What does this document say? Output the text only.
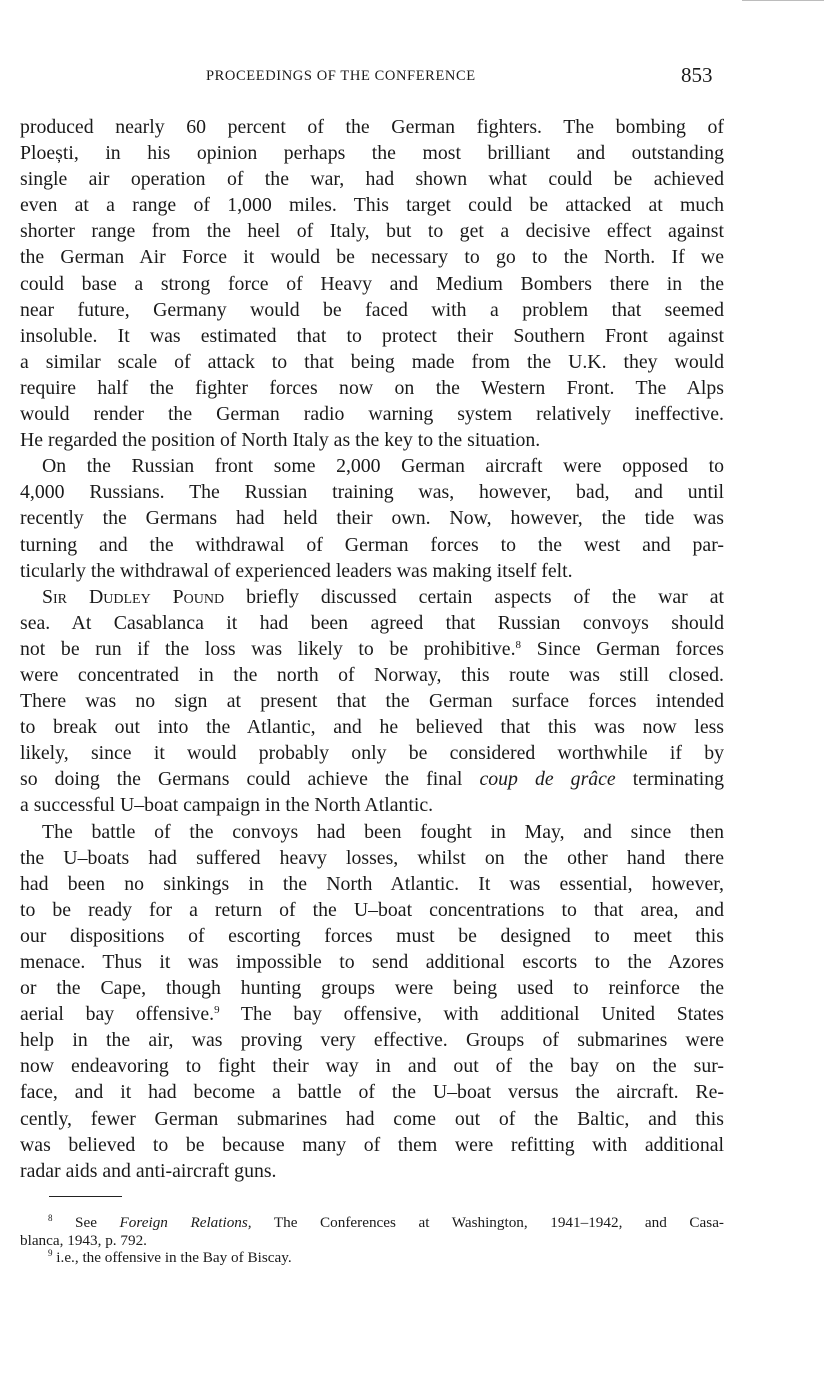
PROCEEDINGS OF THE CONFERENCE	853
produced nearly 60 percent of the German fighters. The bombing of
Ploești, in his opinion perhaps the most brilliant and outstanding
single air operation of the war, had shown what could be achieved
even at a range of 1,000 miles. This target could be attacked at much
shorter range from the heel of Italy, but to get a decisive effect against
the German Air Force it would be necessary to go to the North. If we
could base a strong force of Heavy and Medium Bombers there in the
near future, Germany would be faced with a problem that seemed
insoluble. It was estimated that to protect their Southern Front against
a similar scale of attack to that being made from the U.K. they would
require half the fighter forces now on the Western Front. The Alps
would render the German radio warning system relatively ineffective.
He regarded the position of North Italy as the key to the situation.
On the Russian front some 2,000 German aircraft were opposed to
4,000 Russians. The Russian training was, however, bad, and until
recently the Germans had held their own. Now, however, the tide was
turning and the withdrawal of German forces to the west and par-
ticularly the withdrawal of experienced leaders was making itself felt.
Sir Dudley Pound briefly discussed certain aspects of the war at
sea. At Casablanca it had been agreed that Russian convoys should
not be run if the loss was likely to be prohibitive.$^8$ Since German forces
were concentrated in the north of Norway, this route was still closed.
There was no sign at present that the German surface forces intended
to break out into the Atlantic, and he believed that this was now less
likely, since it would probably only be considered worthwhile if by
so doing the Germans could achieve the final coup de grâce terminating
a successful U–boat campaign in the North Atlantic.
The battle of the convoys had been fought in May, and since then
the U–boats had suffered heavy losses, whilst on the other hand there
had been no sinkings in the North Atlantic. It was essential, however,
to be ready for a return of the U–boat concentrations to that area, and
our dispositions of escorting forces must be designed to meet this
menace. Thus it was impossible to send additional escorts to the Azores
or the Cape, though hunting groups were being used to reinforce the
aerial bay offensive.$^9$ The bay offensive, with additional United States
help in the air, was proving very effective. Groups of submarines were
now endeavoring to fight their way in and out of the bay on the sur-
face, and it had become a battle of the U–boat versus the aircraft. Re-
cently, fewer German submarines had come out of the Baltic, and this
was believed to be because many of them were refitting with additional
radar aids and anti-aircraft guns.
$^8$ See Foreign Relations, The Conferences at Washington, 1941–1942, and Casa-
blanca, 1943, p. 792.
$^9$ i.e., the offensive in the Bay of Biscay.
